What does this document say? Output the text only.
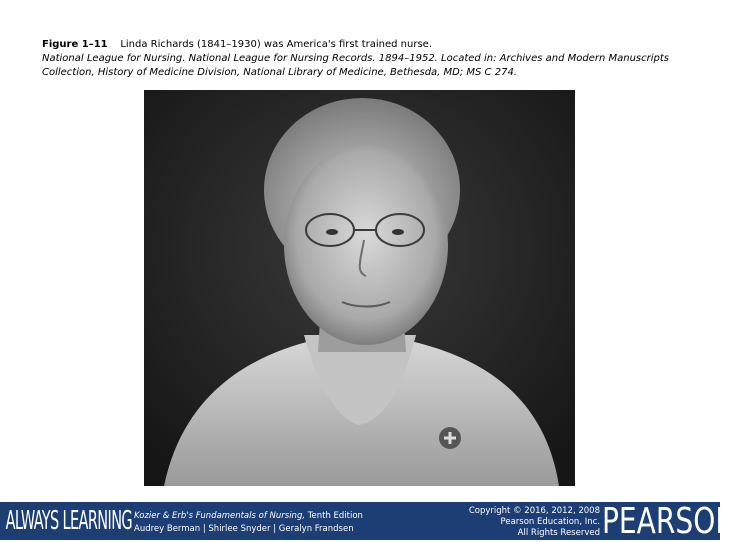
Figure 1–11 Linda Richards (1841–1930) was America's first trained nurse.
National League for Nursing. National League for Nursing Records. 1894–1952. Located in: Archives and Modern Manuscripts Collection, History of Medicine Division, National Library of Medicine, Bethesda, MD; MS C 274.
ALWAYS LEARNING Kozier & Erb's Fundamentals of Nursing, Tenth Edition
Audrey Berman | Shirlee Snyder | Geralyn Frandsen
Copyright © 2016, 2012, 2008
Pearson Education, Inc.
All Rights Reserved PEARSON
